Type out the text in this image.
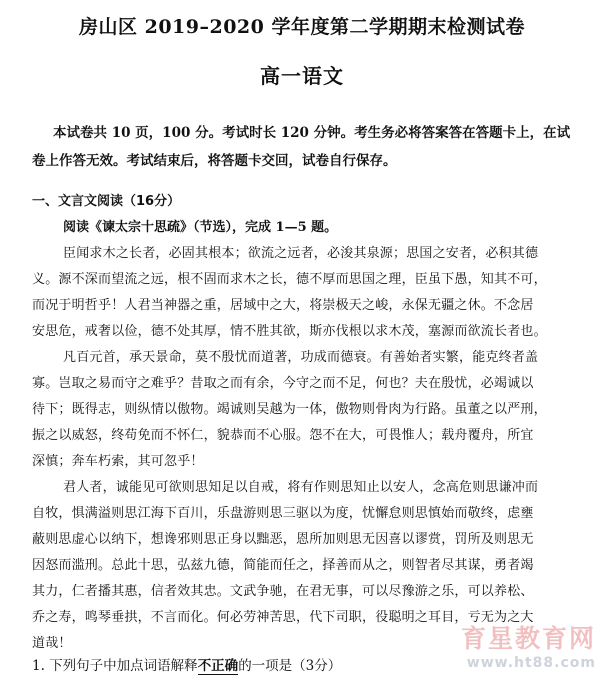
房山区 2019–2020 学年度第二学期期末检测试卷
高一语文
本试卷共 10 页，100 分。考试时长 120 分钟。考生务必将答案答在答题卡上，在试
卷上作答无效。考试结束后，将答题卡交回，试卷自行保存。
一、文言文阅读（16分）
阅读《谏太宗十思疏》（节选），完成 1—5 题。
臣闻求木之长者，必固其根本；欲流之远者，必浚其泉源；思国之安者，必积其德
义。源不深而望流之远，根不固而求木之长，德不厚而思国之理，臣虽下愚，知其不可，
而况于明哲乎！人君当神器之重，居域中之大，将崇极天之峻，永保无疆之休。不念居
安思危，戒奢以俭，德不处其厚，情不胜其欲，斯亦伐根以求木茂，塞源而欲流长者也。
凡百元首，承天景命，莫不殷忧而道著，功成而德衰。有善始者实繁，能克终者盖
寡。岂取之易而守之难乎？昔取之而有余，今守之而不足，何也？夫在殷忧，必竭诚以
待下；既得志，则纵情以傲物。竭诚则吴越为一体，傲物则骨肉为行路。虽董之以严刑，
振之以威怒，终苟免而不怀仁，貌恭而不心服。怨不在大，可畏惟人；载舟覆舟，所宜
深慎；奔车朽索，其可忽乎！
君人者，诚能见可欲则思知足以自戒，将有作则思知止以安人，念高危则思谦冲而
自牧，惧满溢则思江海下百川，乐盘游则思三驱以为度，忧懈怠则思慎始而敬终，虑壅
蔽则思虚心以纳下，想谗邪则思正身以黜恶，恩所加则思无因喜以谬赏，罚所及则思无
因怒而滥刑。总此十思，弘兹九德，简能而任之，择善而从之，则智者尽其谋，勇者竭
其力，仁者播其惠，信者效其忠。文武争驰，在君无事，可以尽豫游之乐，可以养松、
乔之寿，鸣琴垂拱，不言而化。何必劳神苦思，代下司职，役聪明之耳目，亏无为之大
道哉！
1. 下列句子中加点词语解释不正确的一项是（3分）
育星教育网
www.ht88.com
